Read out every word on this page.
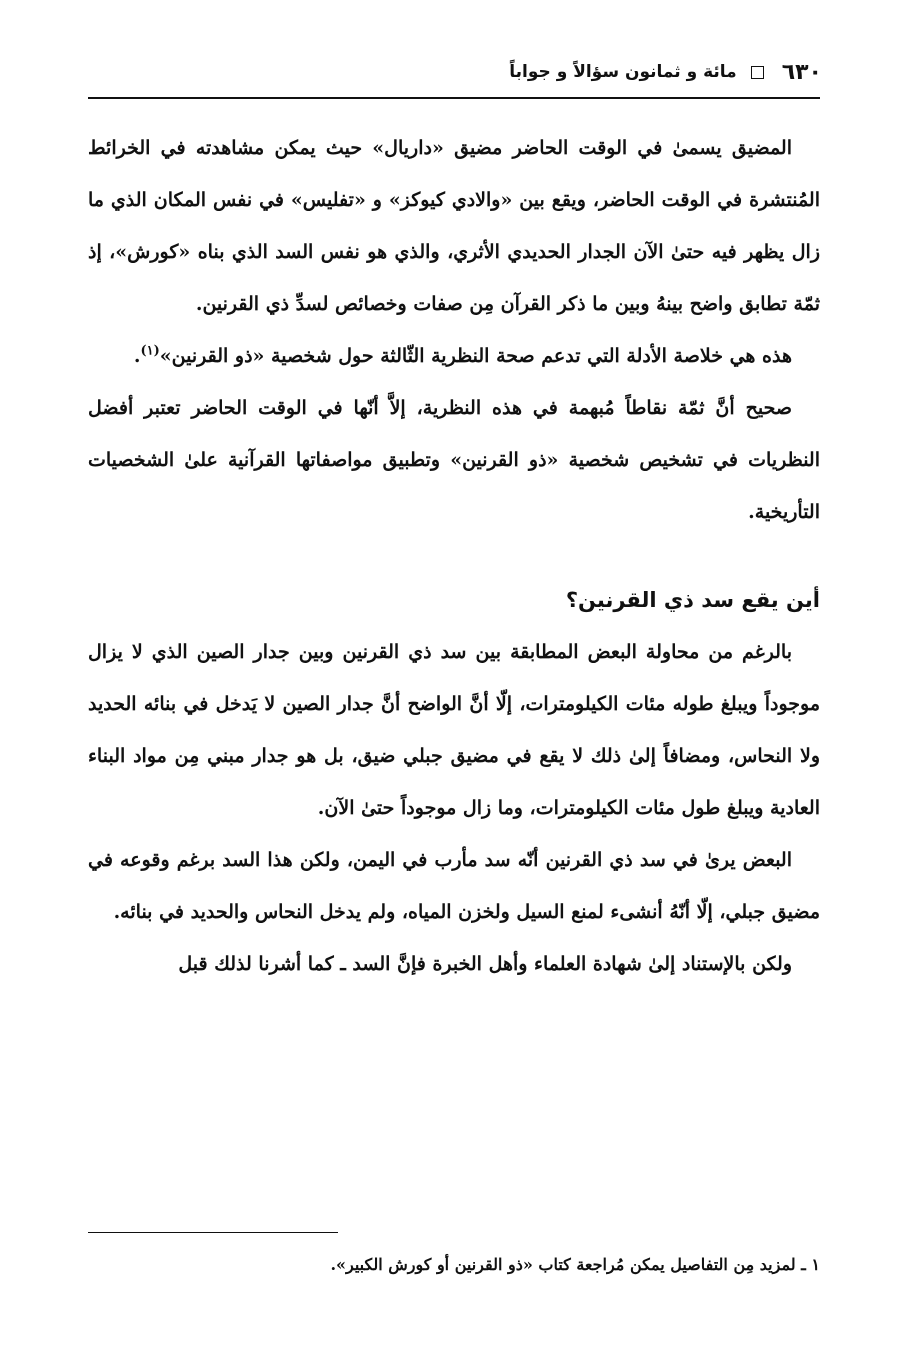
٦٣٠
مائة و ثمانون سؤالاً و جواباً

المضيق يسمىٰ في الوقت الحاضر مضيق «داريال» حيث يمكن مشاهدته في الخرائط المُنتشرة في الوقت الحاضر، ويقع بين «والادي كيوكز» و «تفليس» في نفس المكان الذي ما زال يظهر فيه حتىٰ الآن الجدار الحديدي الأثري، والذي هو نفس السد الذي بناه «كورش»، إذ ثمّة تطابق واضح بينهُ وبين ما ذكر القرآن مِن صفات وخصائص لسدِّ ذي القرنين.

هذه هي خلاصة الأدلة التي تدعم صحة النظرية الثّالثة حول شخصية «ذو القرنين»$^{(١)}$.

صحيح أنَّ ثمّة نقاطاً مُبهمة في هذه النظرية، إلاَّ أنّها في الوقت الحاضر تعتبر أفضل النظريات في تشخيص شخصية «ذو القرنين» وتطبيق مواصفاتها القرآنية علىٰ الشخصيات التأريخية.

أين يقع سد ذي القرنين؟

بالرغم من محاولة البعض المطابقة بين سد ذي القرنين وبين جدار الصين الذي لا يزال موجوداً ويبلغ طوله مئات الكيلومترات، إلّا أنَّ الواضح أنَّ جدار الصين لا يَدخل في بنائه الحديد ولا النحاس، ومضافاً إلىٰ ذلك لا يقع في مضيق جبلي ضيق، بل هو جدار مبني مِن مواد البناء العادية ويبلغ طول مئات الكيلومترات، وما زال موجوداً حتىٰ الآن.

البعض يرىٰ في سد ذي القرنين أنّه سد مأرب في اليمن، ولكن هذا السد برغم وقوعه في مضيق جبلي، إلّا أنّهُ أنشىء لمنع السيل ولخزن المياه، ولم يدخل النحاس والحديد في بنائه.

ولكن بالإستناد إلىٰ شهادة العلماء وأهل الخبرة فإنَّ السد ـ كما أشرنا لذلك قبل

١ ـ لمزيد مِن التفاصيل يمكن مُراجعة كتاب «ذو القرنين أو كورش الكبير».
